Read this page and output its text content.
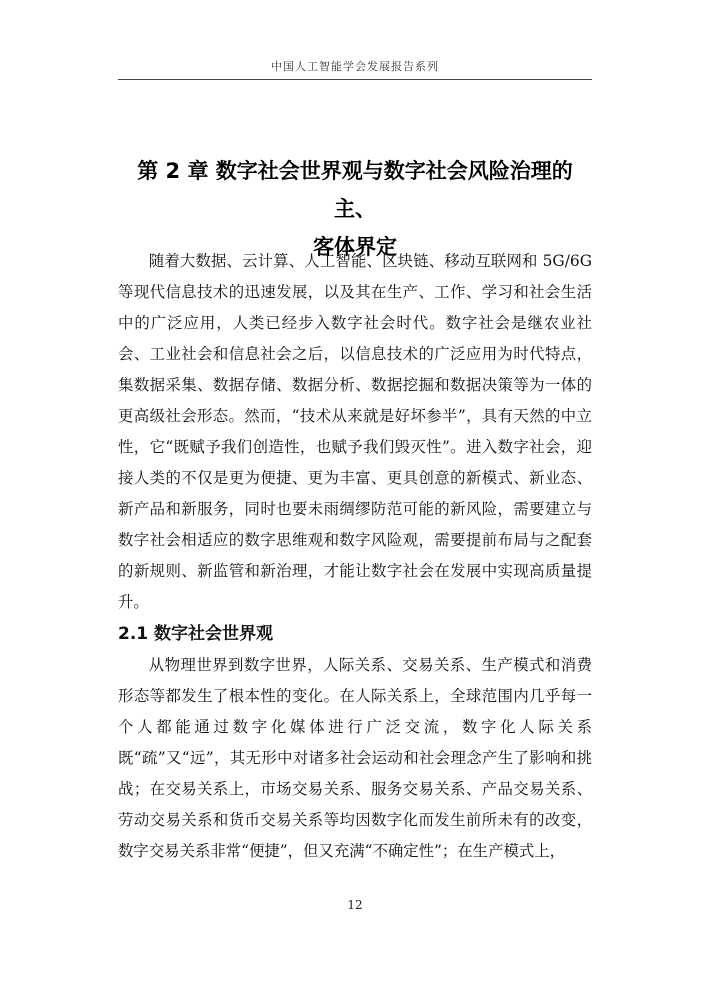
中国人工智能学会发展报告系列
第 2 章 数字社会世界观与数字社会风险治理的主、
客体界定

随着大数据、云计算、人工智能、区块链、移动互联网和 5G/6G 等现代信息技术的迅速发展，以及其在生产、工作、学习和社会生活中的广泛应用，人类已经步入数字社会时代。数字社会是继农业社会、工业社会和信息社会之后，以信息技术的广泛应用为时代特点，集数据采集、数据存储、数据分析、数据挖掘和数据决策等为一体的更高级社会形态。然而，“技术从来就是好坏参半”，具有天然的中立性，它“既赋予我们创造性，也赋予我们毁灭性”。进入数字社会，迎接人类的不仅是更为便捷、更为丰富、更具创意的新模式、新业态、新产品和新服务，同时也要未雨绸缪防范可能的新风险，需要建立与数字社会相适应的数字思维观和数字风险观，需要提前布局与之配套的新规则、新监管和新治理，才能让数字社会在发展中实现高质量提升。

2.1 数字社会世界观

从物理世界到数字世界，人际关系、交易关系、生产模式和消费形态等都发生了根本性的变化。在人际关系上，全球范围内几乎每一个人都能通过数字化媒体进行广泛交流，数字化人际关系既“疏”又“远”，其无形中对诸多社会运动和社会理念产生了影响和挑战；在交易关系上，市场交易关系、服务交易关系、产品交易关系、劳动交易关系和货币交易关系等均因数字化而发生前所未有的改变，数字交易关系非常“便捷”，但又充满“不确定性”；在生产模式上，

12
